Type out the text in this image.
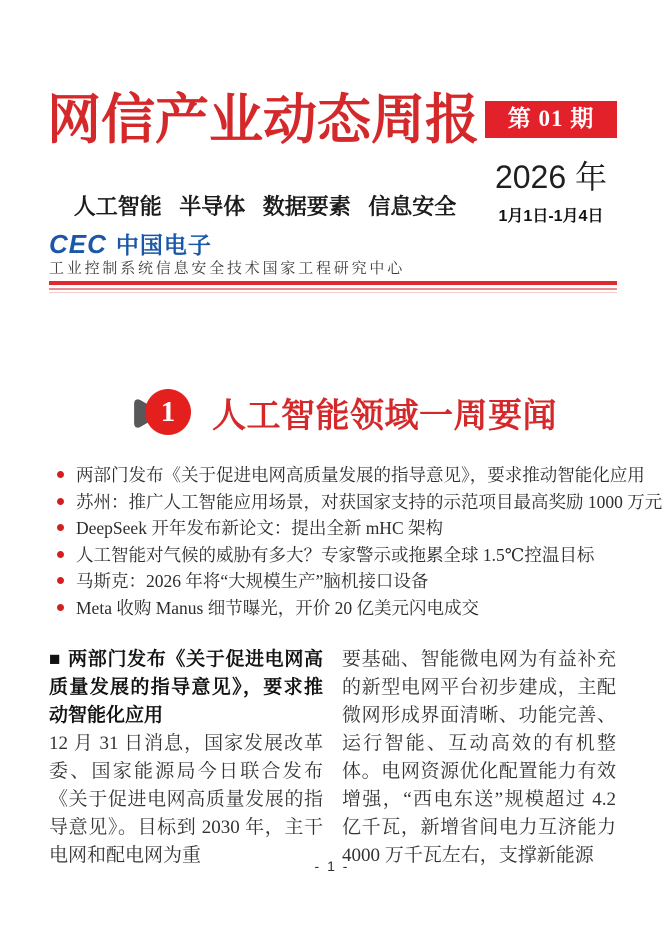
网信产业动态周报	第 01 期
2026 年
1月1日-1月4日
人工智能 半导体 数据要素 信息安全
CEC 中国电子
工业控制系统信息安全技术国家工程研究中心
1	人工智能领域一周要闻
两部门发布《关于促进电网高质量发展的指导意见》，要求推动智能化应用
苏州：推广人工智能应用场景，对获国家支持的示范项目最高奖励 1000 万元
DeepSeek 开年发布新论文：提出全新 mHC 架构
人工智能对气候的威胁有多大？专家警示或拖累全球 1.5℃控温目标
马斯克：2026 年将“大规模生产”脑机接口设备
Meta 收购 Manus 细节曝光，开价 20 亿美元闪电成交

■ 两部门发布《关于促进电网高质量发展的指导意见》，要求推动智能化应用

12 月 31 日消息，国家发展改革委、国家能源局今日联合发布《关于促进电网高质量发展的指导意见》。目标到 2030 年，主干电网和配电网为重

要基础、智能微电网为有益补充的新型电网平台初步建成，主配微网形成界面清晰、功能完善、运行智能、互动高效的有机整体。电网资源优化配置能力有效增强，“西电东送”规模超过 4.2 亿千瓦，新增省间电力互济能力 4000 万千瓦左右，支撑新能源

- 1 -
